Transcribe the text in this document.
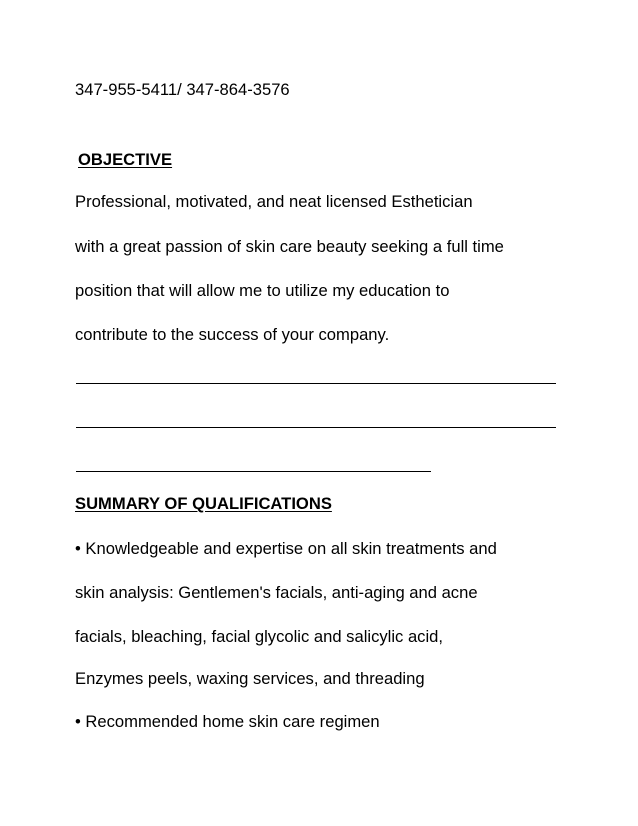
347-955-5411/ 347-864-3576
OBJECTIVE
Professional, motivated, and neat licensed Esthetician
with a great passion of skin care beauty seeking a full time
position that will allow me to utilize my education to
contribute to the success of your company.
SUMMARY OF QUALIFICATIONS
• Knowledgeable and expertise on all skin treatments and
skin analysis: Gentlemen's facials, anti-aging and acne
facials, bleaching, facial glycolic and salicylic acid,
Enzymes peels, waxing services, and threading
• Recommended home skin care regimen
